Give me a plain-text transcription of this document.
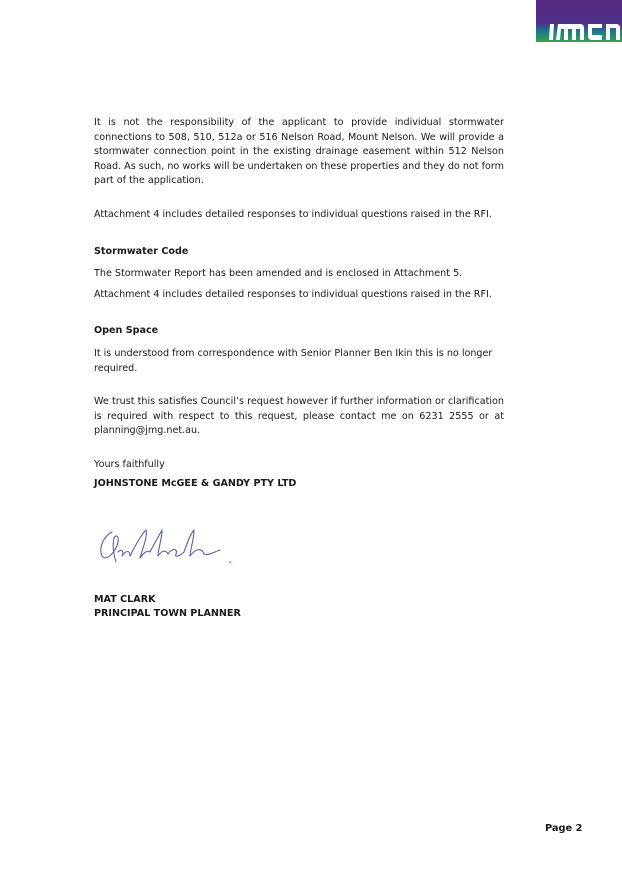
It is not the responsibility of the applicant to provide individual stormwater connections to 508, 510, 512a or 516 Nelson Road, Mount Nelson. We will provide a stormwater connection point in the existing drainage easement within 512 Nelson Road. As such, no works will be undertaken on these properties and they do not form part of the application.

Attachment 4 includes detailed responses to individual questions raised in the RFI.

Stormwater Code

The Stormwater Report has been amended and is enclosed in Attachment 5.

Attachment 4 includes detailed responses to individual questions raised in the RFI.

Open Space

It is understood from correspondence with Senior Planner Ben Ikin this is no longer required.

We trust this satisfies Council’s request however if further information or clarification is required with respect to this request, please contact me on 6231 2555 or at planning@jmg.net.au.

Yours faithfully

JOHNSTONE McGEE & GANDY PTY LTD

MAT CLARK
PRINCIPAL TOWN PLANNER
Page 2
